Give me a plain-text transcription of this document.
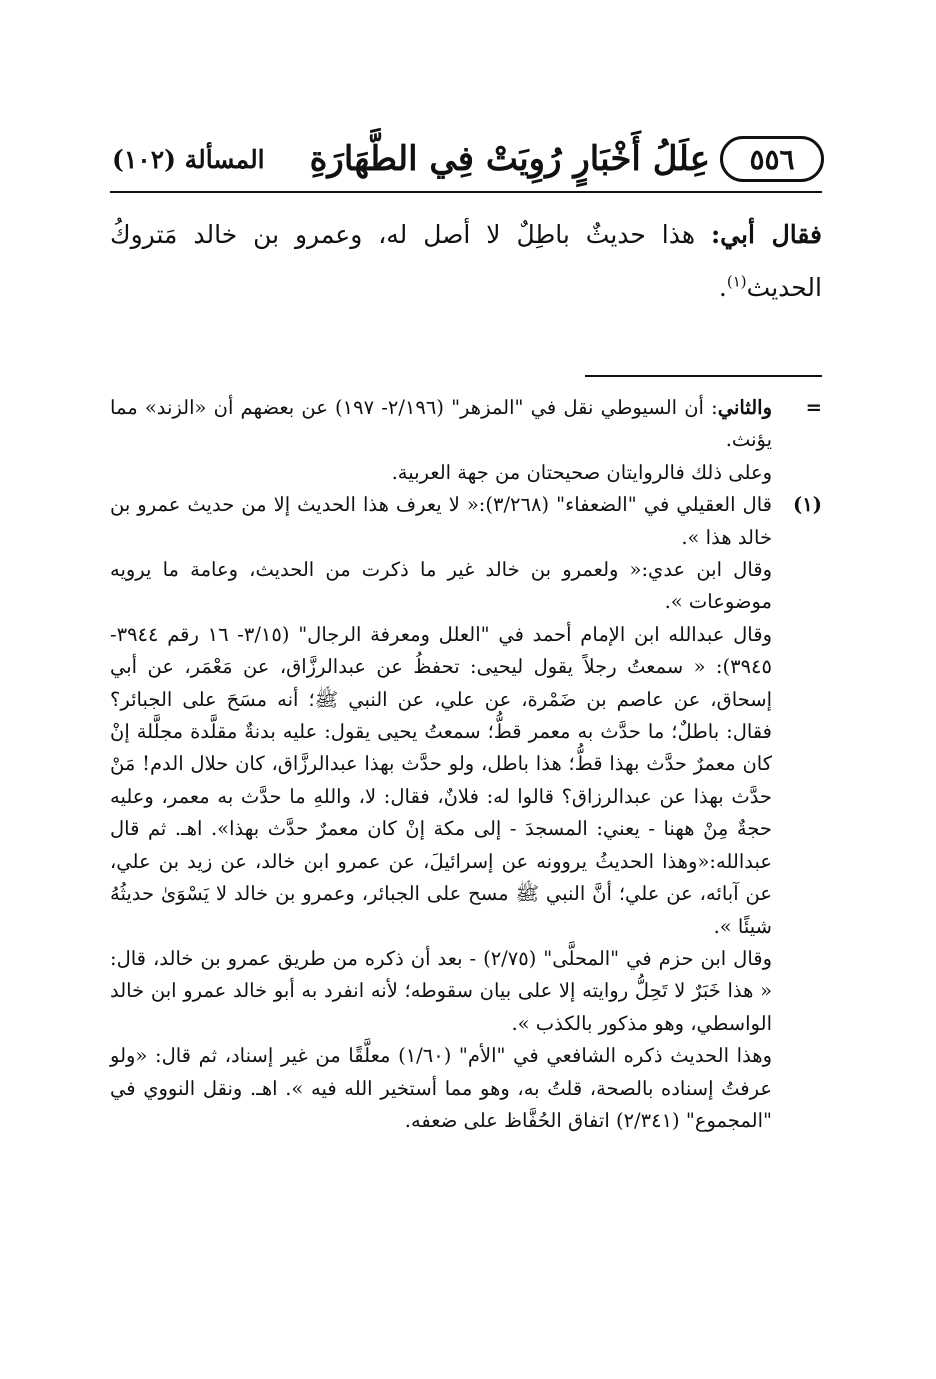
٥٥٦
عِلَلُ أَخْبَارٍ رُوِيَتْ فِي الطَّهَارَةِ
المسألة (١٠٢)
فقال أبي: هذا حديثٌ باطِلٌ لا أصل له، وعمرو بن خالد مَتروكُ الحديث$^{(١)}$.
=

والثاني: أن السيوطي نقل في "المزهر" (٢/١٩٦- ١٩٧) عن بعضهم أن «الزند» مما يؤنث.

وعلى ذلك فالروايتان صحيحتان من جهة العربية.

(١)

قال العقيلي في "الضعفاء" (٣/٢٦٨):« لا يعرف هذا الحديث إلا من حديث عمرو بن خالد هذا ».

وقال ابن عدي:« ولعمرو بن خالد غير ما ذكرت من الحديث، وعامة ما يرويه موضوعات ».

وقال عبدالله ابن الإمام أحمد في "العلل ومعرفة الرجال" (٣/١٥- ١٦ رقم ٣٩٤٤- ٣٩٤٥): « سمعتُ رجلاً يقول ليحيى: تحفظُ عن عبدالرزَّاق، عن مَعْمَر، عن أبي إسحاق، عن عاصم بن ضَمْرة، عن علي، عن النبي ﷺ؛ أنه مسَحَ على الجبائر؟ فقال: باطلٌ؛ ما حدَّث به معمر قطُّ؛ سمعتُ يحيى يقول: عليه بدنةٌ مقلَّدة مجلَّلة إنْ كان معمرٌ حدَّث بهذا قطُّ؛ هذا باطل، ولو حدَّث بهذا عبدالرزَّاق، كان حلال الدم! مَنْ حدَّث بهذا عن عبدالرزاق؟ قالوا له: فلانٌ، فقال: لا، واللهِ ما حدَّث به معمر، وعليه حجةٌ مِنْ ههنا - يعني: المسجدَ - إلى مكة إنْ كان معمرٌ حدَّث بهذا». اهـ. ثم قال عبدالله:«وهذا الحديثُ يروونه عن إسرائيلَ، عن عمرو ابن خالد، عن زيد بن علي، عن آبائه، عن علي؛ أنَّ النبي ﷺ مسح على الجبائر، وعمرو بن خالد لا يَسْوَىٰ حديثُهُ شيئًا ».

وقال ابن حزم في "المحلَّى" (٢/٧٥) - بعد أن ذكره من طريق عمرو بن خالد، قال: « هذا خَبَرٌ لا تَحِلُّ روايته إلا على بيان سقوطه؛ لأنه انفرد به أبو خالد عمرو ابن خالد الواسطي، وهو مذكور بالكذب ».

وهذا الحديث ذكره الشافعي في "الأم" (١/٦٠) معلَّقًا من غير إسناد، ثم قال: «ولو عرفتُ إسناده بالصحة، قلتُ به، وهو مما أستخير الله فيه ». اهـ. ونقل النووي في "المجموع" (٢/٣٤١) اتفاق الحُفَّاظ على ضعفه.
